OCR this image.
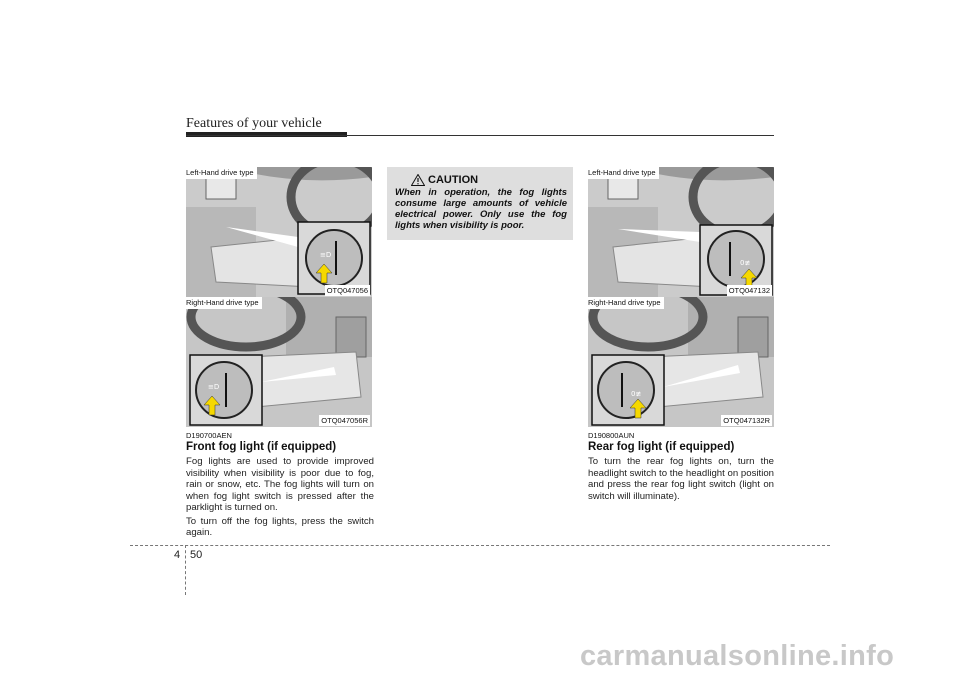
Features of your vehicle
≡D
Left-Hand drive type
OTQ047056
≡D
Right-Hand drive type
OTQ047056R
D190700AEN
Front fog light (if equipped)

Fog lights are used to provide improved visibility when visibility is poor due to fog, rain or snow, etc. The fog lights will turn on when fog light switch is pressed after the parklight is turned on.

To turn off the fog lights, press the switch again.

CAUTION
When in operation, the fog lights consume large amounts of vehicle electrical power. Only use the fog lights when visibility is poor.
0≢
Left-Hand drive type
OTQ047132
0≢
Right-Hand drive type
OTQ047132R
D190800AUN
Rear fog light (if equipped)

To turn the rear fog lights on, turn the headlight switch to the headlight on position and press the rear fog light switch (light on switch will illuminate).

4 50
carmanualsonline.info
